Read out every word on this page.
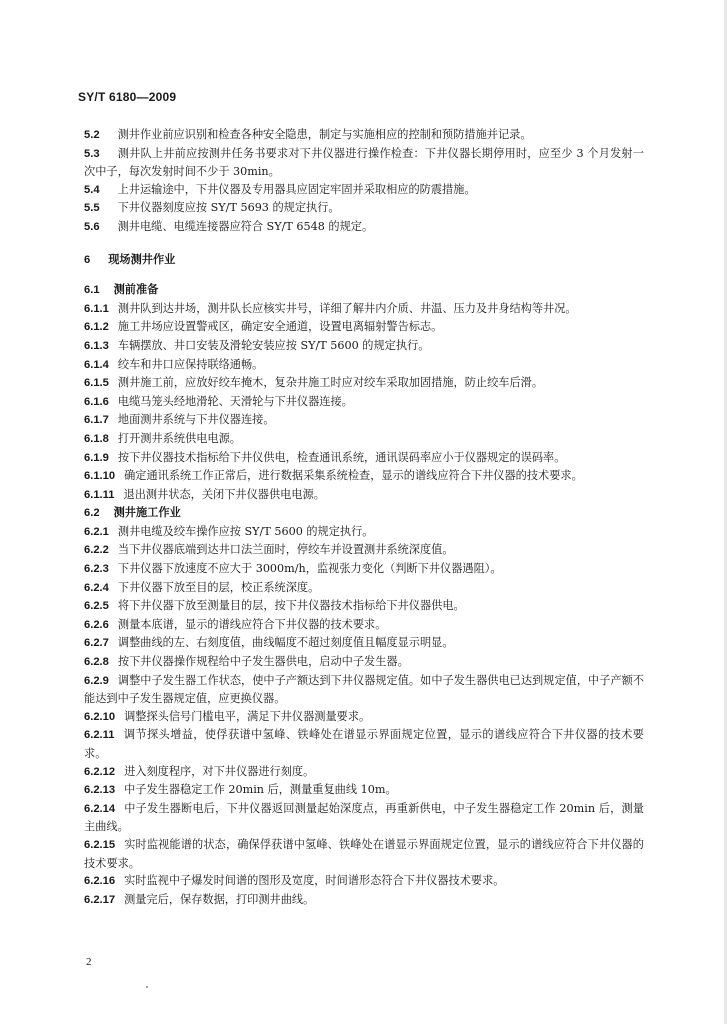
SY/T 6180—2009

5.2 测井作业前应识别和检查各种安全隐患，制定与实施相应的控制和预防措施并记录。

5.3 测井队上井前应按测井任务书要求对下井仪器进行操作检查：下井仪器长期停用时，应至少 3 个月发射一次中子，每次发射时间不少于 30min。

5.4 上井运输途中，下井仪器及专用器具应固定牢固并采取相应的防震措施。

5.5 下井仪器刻度应按 SY/T 5693 的规定执行。

5.6 测井电缆、电缆连接器应符合 SY/T 6548 的规定。

6 现场测井作业

6.1 测前准备

6.1.1 测井队到达井场，测井队长应核实井号，详细了解井内介质、井温、压力及井身结构等井况。

6.1.2 施工井场应设置警戒区，确定安全通道，设置电离辐射警告标志。

6.1.3 车辆摆放、井口安装及滑轮安装应按 SY/T 5600 的规定执行。

6.1.4 绞车和井口应保持联络通畅。

6.1.5 测井施工前，应放好绞车掩木，复杂井施工时应对绞车采取加固措施，防止绞车后滑。

6.1.6 电缆马笼头经地滑轮、天滑轮与下井仪器连接。

6.1.7 地面测井系统与下井仪器连接。

6.1.8 打开测井系统供电电源。

6.1.9 按下井仪器技术指标给下井仪供电，检查通讯系统，通讯误码率应小于仪器规定的误码率。

6.1.10 确定通讯系统工作正常后，进行数据采集系统检查，显示的谱线应符合下井仪器的技术要求。

6.1.11 退出测井状态，关闭下井仪器供电电源。

6.2 测井施工作业

6.2.1 测井电缆及绞车操作应按 SY/T 5600 的规定执行。

6.2.2 当下井仪器底端到达井口法兰面时，停绞车并设置测井系统深度值。

6.2.3 下井仪器下放速度不应大于 3000m/h，监视张力变化（判断下井仪器遇阻）。

6.2.4 下井仪器下放至目的层，校正系统深度。

6.2.5 将下井仪器下放至测量目的层，按下井仪器技术指标给下井仪器供电。

6.2.6 测量本底谱，显示的谱线应符合下井仪器的技术要求。

6.2.7 调整曲线的左、右刻度值，曲线幅度不超过刻度值且幅度显示明显。

6.2.8 按下井仪器操作规程给中子发生器供电，启动中子发生器。

6.2.9 调整中子发生器工作状态，使中子产额达到下井仪器规定值。如中子发生器供电已达到规定值，中子产额不能达到中子发生器规定值，应更换仪器。

6.2.10 调整探头信号门槛电平，满足下井仪器测量要求。

6.2.11 调节探头增益，使俘获谱中氢峰、铁峰处在谱显示界面规定位置，显示的谱线应符合下井仪器的技术要求。

6.2.12 进入刻度程序，对下井仪器进行刻度。

6.2.13 中子发生器稳定工作 20min 后，测量重复曲线 10m。

6.2.14 中子发生器断电后，下井仪器返回测量起始深度点，再重新供电，中子发生器稳定工作 20min 后，测量主曲线。

6.2.15 实时监视能谱的状态，确保俘获谱中氢峰、铁峰处在谱显示界面规定位置，显示的谱线应符合下井仪器的技术要求。

6.2.16 实时监视中子爆发时间谱的图形及宽度，时间谱形态符合下井仪器技术要求。

6.2.17 测量完后，保存数据，打印测井曲线。

2
